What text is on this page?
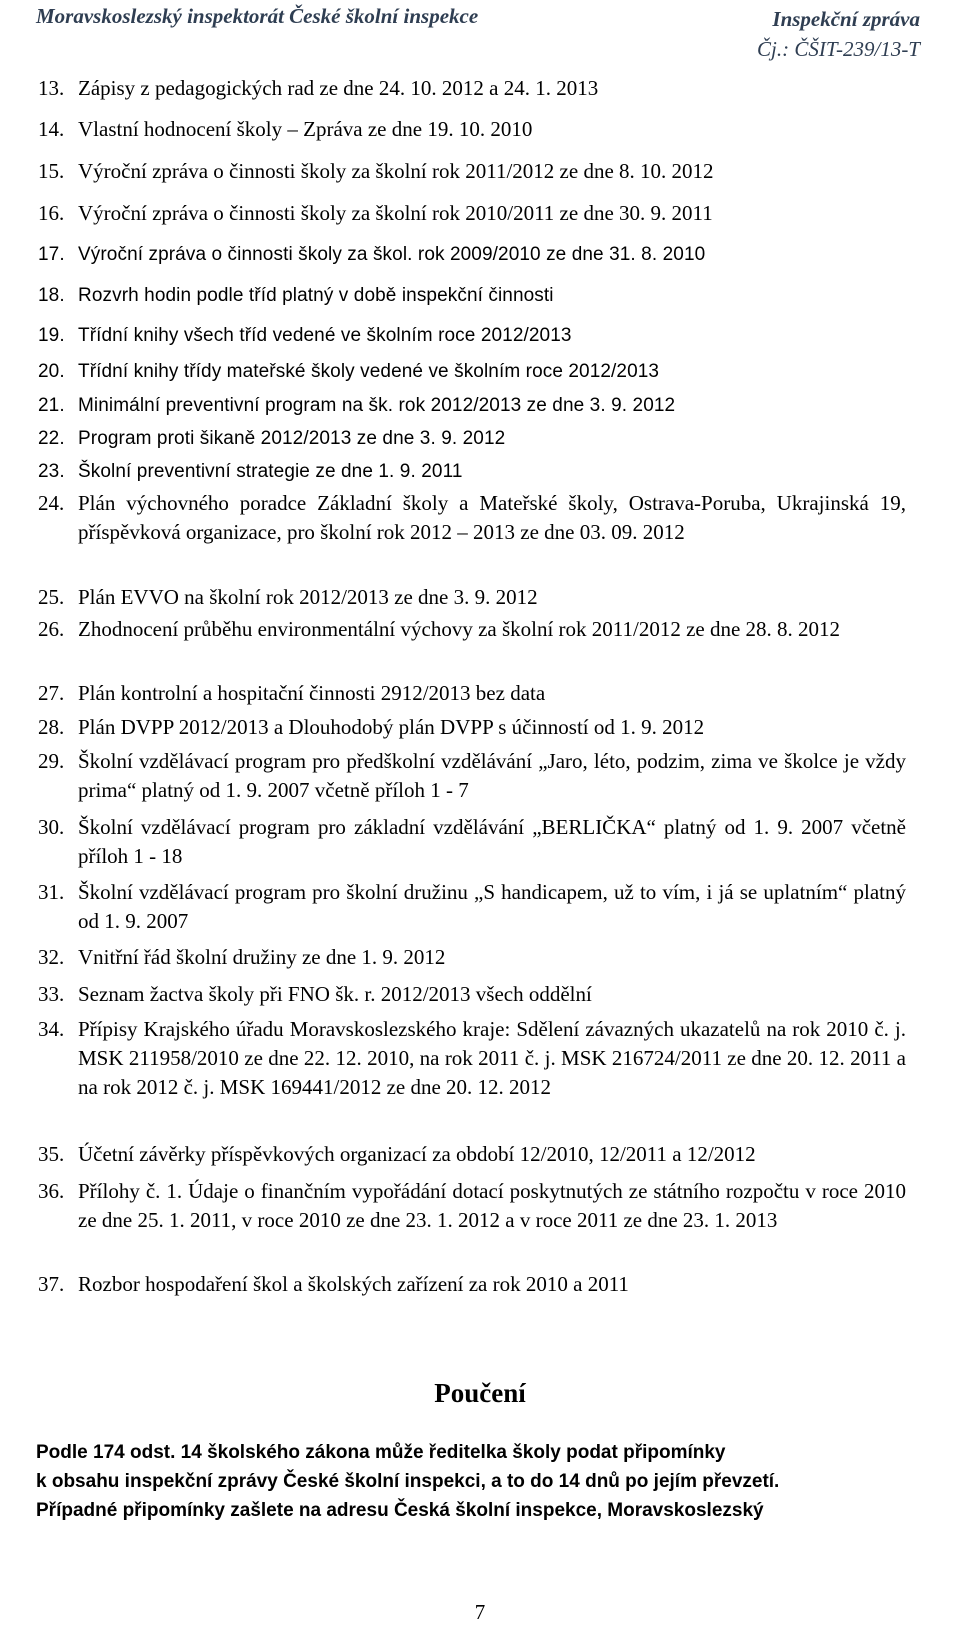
Moravskoslezský inspektorát České školní inspekce	Inspekční zpráva
Čj.: ČŠIT-239/13-T
13. Zápisy z pedagogických rad ze dne 24. 10. 2012 a 24. 1. 2013
14. Vlastní hodnocení školy – Zpráva ze dne 19. 10. 2010
15. Výroční zpráva o činnosti školy za školní rok 2011/2012 ze dne 8. 10. 2012
16. Výroční zpráva o činnosti školy za školní rok 2010/2011 ze dne 30. 9. 2011
17. Výroční zpráva o činnosti školy za škol. rok 2009/2010 ze dne 31. 8. 2010
18. Rozvrh hodin podle tříd platný v době inspekční činnosti
19. Třídní knihy všech tříd vedené ve školním roce 2012/2013
20. Třídní knihy třídy mateřské školy vedené ve školním roce 2012/2013
21. Minimální preventivní program na šk. rok 2012/2013 ze dne 3. 9. 2012
22. Program proti šikaně 2012/2013 ze dne 3. 9. 2012
23. Školní preventivní strategie ze dne 1. 9. 2011
24. Plán výchovného poradce Základní školy a Mateřské školy, Ostrava-Poruba, Ukrajinská 19, příspěvková organizace, pro školní rok 2012 – 2013 ze dne 03. 09. 2012
25. Plán EVVO na školní rok 2012/2013 ze dne 3. 9. 2012
26. Zhodnocení průběhu environmentální výchovy za školní rok 2011/2012 ze dne 28. 8. 2012
27. Plán kontrolní a hospitační činnosti 2912/2013 bez data
28. Plán DVPP 2012/2013 a Dlouhodobý plán DVPP s účinností od 1. 9. 2012
29. Školní vzdělávací program pro předškolní vzdělávání „Jaro, léto, podzim, zima ve školce je vždy prima“ platný od 1. 9. 2007 včetně příloh 1 - 7
30. Školní vzdělávací program pro základní vzdělávání „BERLIČKA“ platný od 1. 9. 2007 včetně příloh 1 - 18
31. Školní vzdělávací program pro školní družinu „S handicapem, už to vím, i já se uplatním“ platný od 1. 9. 2007
32. Vnitřní řád školní družiny ze dne 1. 9. 2012
33. Seznam žactva školy při FNO šk. r. 2012/2013 všech oddělní
34. Přípisy Krajského úřadu Moravskoslezského kraje: Sdělení závazných ukazatelů na rok 2010 č. j. MSK 211958/2010 ze dne 22. 12. 2010, na rok 2011 č. j. MSK 216724/2011 ze dne 20. 12. 2011 a na rok 2012 č. j. MSK 169441/2012 ze dne 20. 12. 2012
35. Účetní závěrky příspěvkových organizací za období 12/2010, 12/2011 a 12/2012
36. Přílohy č. 1. Údaje o finančním vypořádání dotací poskytnutých ze státního rozpočtu v roce 2010 ze dne 25. 1. 2011, v roce 2010 ze dne 23. 1. 2012 a v roce 2011 ze dne 23. 1. 2013
37. Rozbor hospodaření škol a školských zařízení za rok 2010 a 2011
Poučení

Podle 174 odst. 14 školského zákona může ředitelka školy podat připomínky

k obsahu inspekční zprávy České školní inspekci, a to do 14 dnů po jejím převzetí.

Případné připomínky zašlete na adresu Česká školní inspekce, Moravskoslezský

7
